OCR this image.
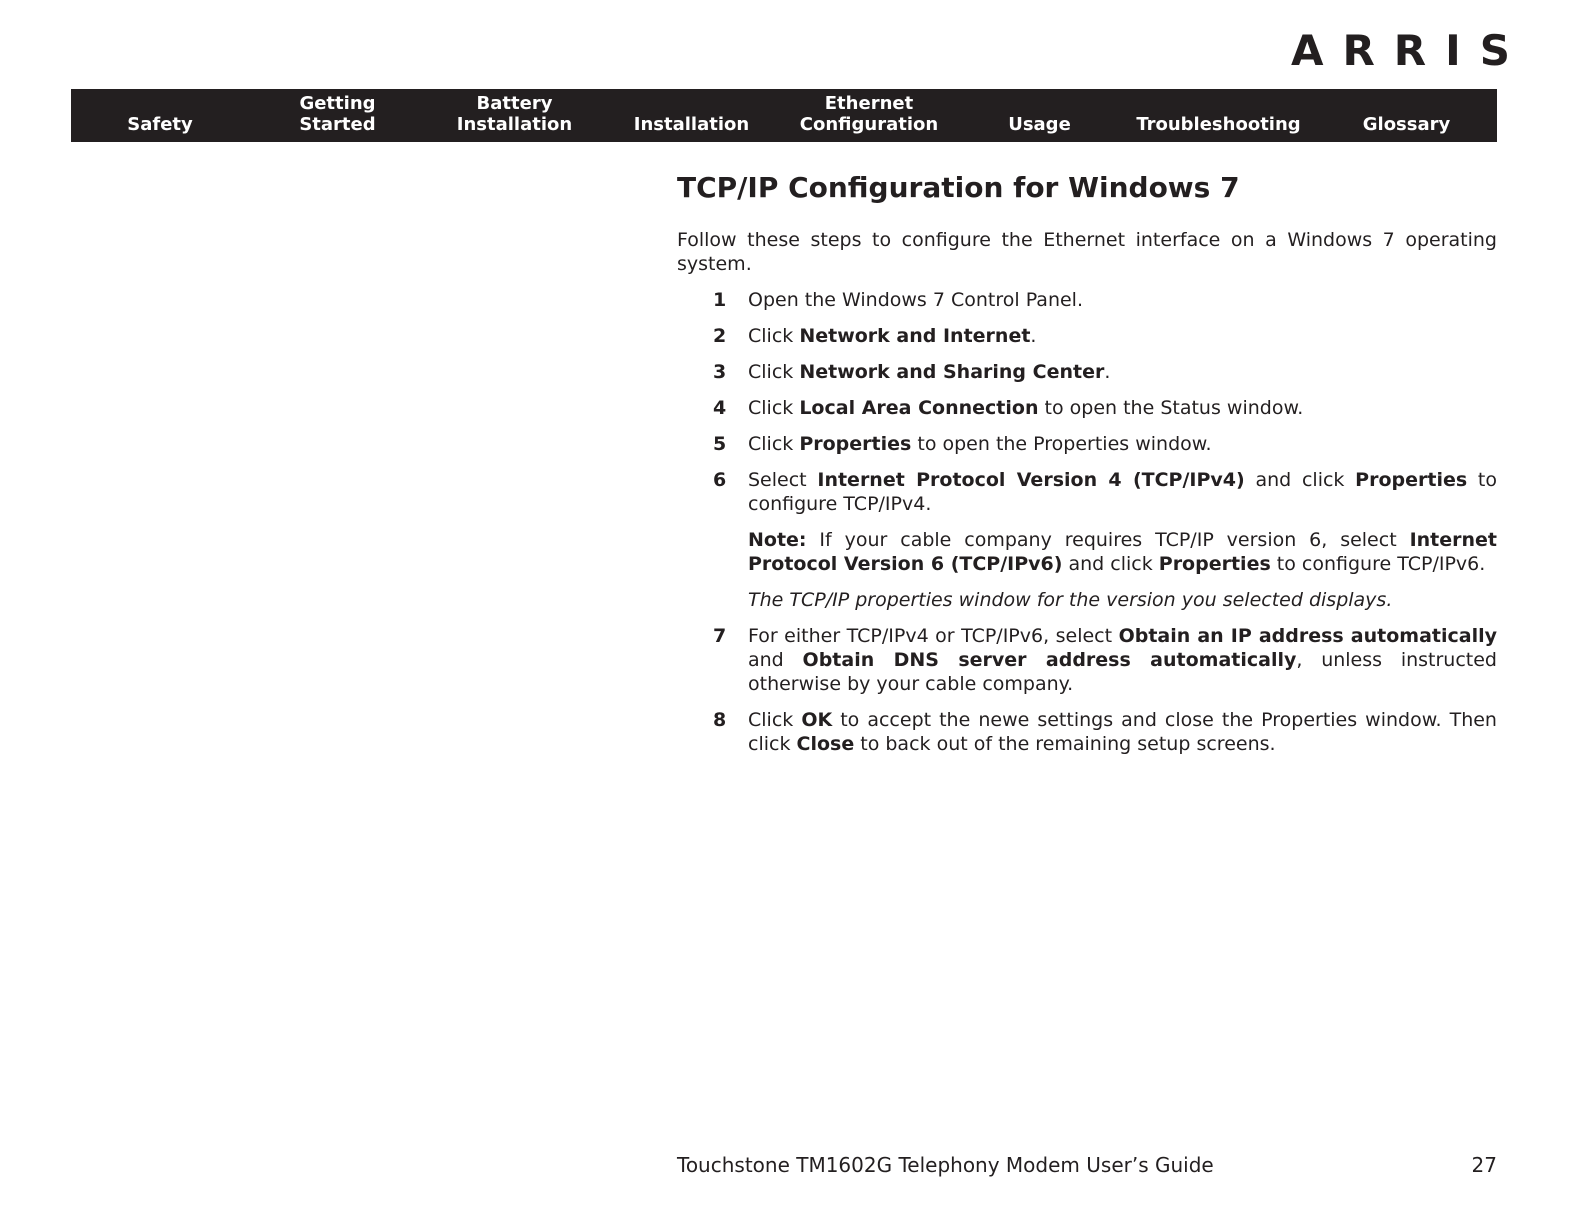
ARRIS
Safety
Getting
Started
Battery
Installation	Installation
Ethernet
Configuration	Usage	Troubleshooting	Glossary
TCP/IP Configuration for Windows 7

Follow these steps to configure the Ethernet interface on a Windows 7 operating system.

1 Open the Windows 7 Control Panel.
2 Click Network and Internet.
3 Click Network and Sharing Center.
4 Click Local Area Connection to open the Status window.
5 Click Properties to open the Properties window.
6 Select Internet Protocol Version 4 (TCP/IPv4) and click Properties to configure TCP/IPv4.
Note: If your cable company requires TCP/IP version 6, select Internet Protocol Version 6 (TCP/IPv6) and click Properties to configure TCP/IPv6.
The TCP/IP properties window for the version you selected displays.
7 For either TCP/IPv4 or TCP/IPv6, select Obtain an IP address automatically and Obtain DNS server address automatically, unless instructed otherwise by your cable company.
8 Click OK to accept the newe settings and close the Properties window. Then click Close to back out of the remaining setup screens.
Touchstone TM1602G Telephony Modem User’s Guide	27
